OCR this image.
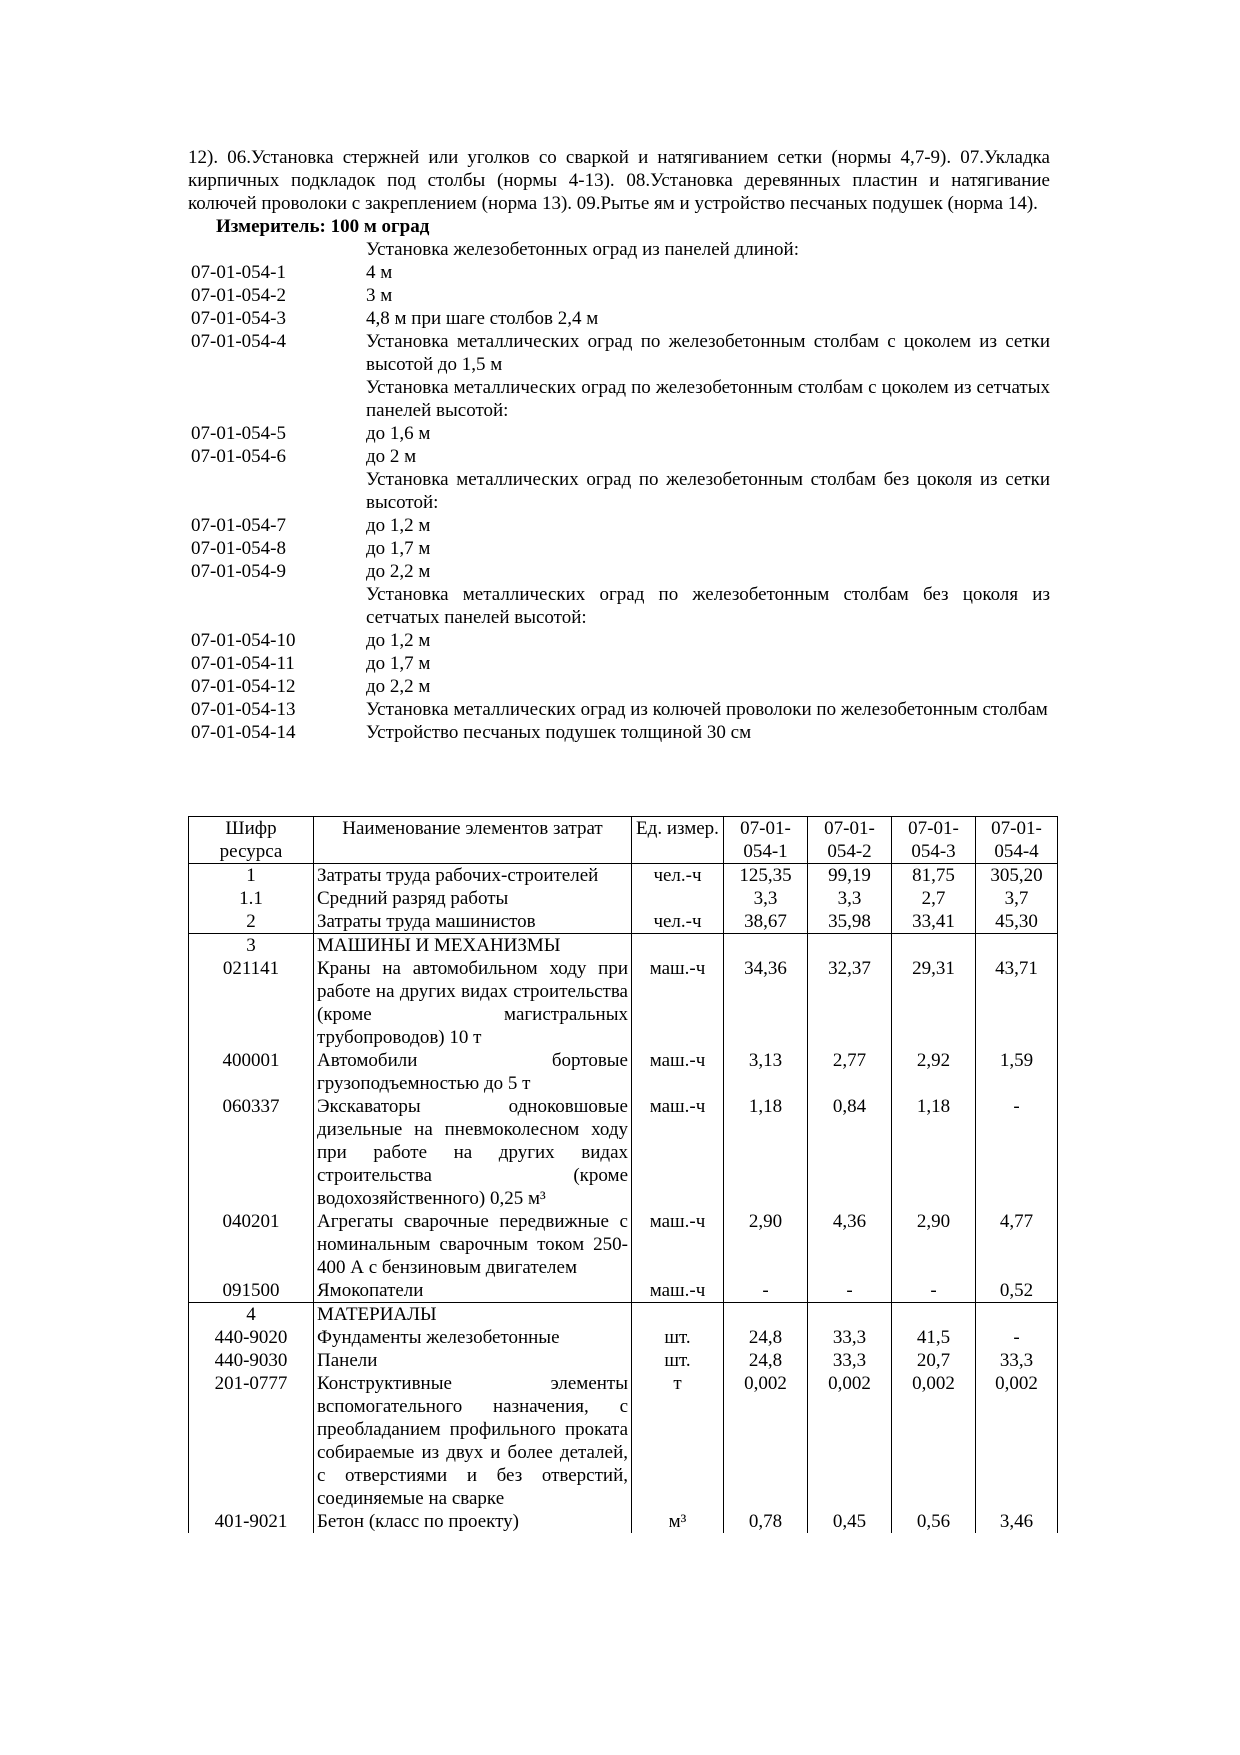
12). 06.Установка стержней или уголков со сваркой и натягиванием сетки (нормы 4,7-9). 07.Укладка кирпичных подкладок под столбы (нормы 4-13). 08.Установка деревянных пластин и натягивание колючей проволоки с закреплением (норма 13). 09.Рытье ям и устройство песчаных подушек (норма 14).

Измеритель: 100 м оград

Установка железобетонных оград из панелей длиной:
07-01-054-1	4 м
07-01-054-2	3 м
07-01-054-3	4,8 м при шаге столбов 2,4 м
07-01-054-4	Установка металлических оград по железобетонным столбам с цоколем из сетки высотой до 1,5 м
Установка металлических оград по железобетонным столбам с цоколем из сетчатых панелей высотой:
07-01-054-5	до 1,6 м
07-01-054-6	до 2 м
Установка металлических оград по железобетонным столбам без цоколя из сетки высотой:
07-01-054-7	до 1,2 м
07-01-054-8	до 1,7 м
07-01-054-9	до 2,2 м
Установка металлических оград по железобетонным столбам без цоколя из сетчатых панелей высотой:
07-01-054-10	до 1,2 м
07-01-054-11	до 1,7 м
07-01-054-12	до 2,2 м
07-01-054-13	Установка металлических оград из колючей проволоки по железобетонным столбам
07-01-054-14	Устройство песчаных подушек толщиной 30 см
Шифр ресурса	Наименование элементов затрат	Ед. измер.	07-01-054-1	07-01-054-2	07-01-054-3	07-01-054-4
1	Затраты труда рабочих-строителей	чел.-ч	125,35	99,19	81,75	305,20
1.1	Средний разряд работы		3,3	3,3	2,7	3,7
2	Затраты труда машинистов	чел.-ч	38,67	35,98	33,41	45,30
3	МАШИНЫ И МЕХАНИЗМЫ					
021141	Краны на автомобильном ходу при работе на других видах строительства (кроме магистральных трубопроводов) 10 т	маш.-ч	34,36	32,37	29,31	43,71
400001	Автомобили бортовые грузоподъемностью до 5 т	маш.-ч	3,13	2,77	2,92	1,59
060337	Экскаваторы одноковшовые дизельные на пневмоколесном ходу при работе на других видах строительства (кроме водохозяйственного) 0,25 м³	маш.-ч	1,18	0,84	1,18	-
040201	Агрегаты сварочные передвижные с номинальным сварочным током 250-400 А с бензиновым двигателем	маш.-ч	2,90	4,36	2,90	4,77
091500	Ямокопатели	маш.-ч	-	-	-	0,52
4	МАТЕРИАЛЫ					
440-9020	Фундаменты железобетонные	шт.	24,8	33,3	41,5	-
440-9030	Панели	шт.	24,8	33,3	20,7	33,3
201-0777	Конструктивные элементы вспомогательного назначения, с преобладанием профильного проката собираемые из двух и более деталей, с отверстиями и без отверстий, соединяемые на сварке	т	0,002	0,002	0,002	0,002
401-9021	Бетон (класс по проекту)	м³	0,78	0,45	0,56	3,46
